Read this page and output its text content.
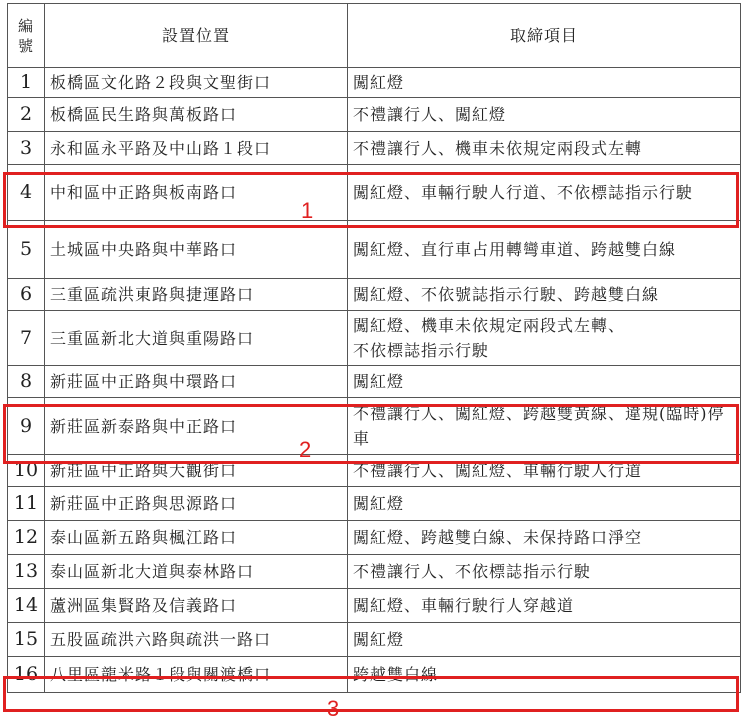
編號	設置位置	取締項目
1	板橋區文化路２段與文聖街口	闖紅燈
2	板橋區民生路與萬板路口	不禮讓行人、闖紅燈
3	永和區永平路及中山路１段口	不禮讓行人、機車未依規定兩段式左轉
4	中和區中正路與板南路口	闖紅燈、車輛行駛人行道、不依標誌指示行駛
5	土城區中央路與中華路口	闖紅燈、直行車占用轉彎車道、跨越雙白線
6	三重區疏洪東路與捷運路口	闖紅燈、不依號誌指示行駛、跨越雙白線
7	三重區新北大道與重陽路口	闖紅燈、機車未依規定兩段式左轉、
不依標誌指示行駛

8	新莊區中正路與中環路口	闖紅燈
9	新莊區新泰路與中正路口	不禮讓行人、闖紅燈、跨越雙黃線、違規(臨時)停車
10	新莊區中正路與大觀街口	不禮讓行人、闖紅燈、車輛行駛人行道
11	新莊區中正路與思源路口	闖紅燈
12	泰山區新五路與楓江路口	闖紅燈、跨越雙白線、未保持路口淨空
13	泰山區新北大道與泰林路口	不禮讓行人、不依標誌指示行駛
14	蘆洲區集賢路及信義路口	闖紅燈、車輛行駛行人穿越道
15	五股區疏洪六路與疏洪一路口	闖紅燈
16	八里區龍米路１段與關渡橋口	跨越雙白線
1
2
3
